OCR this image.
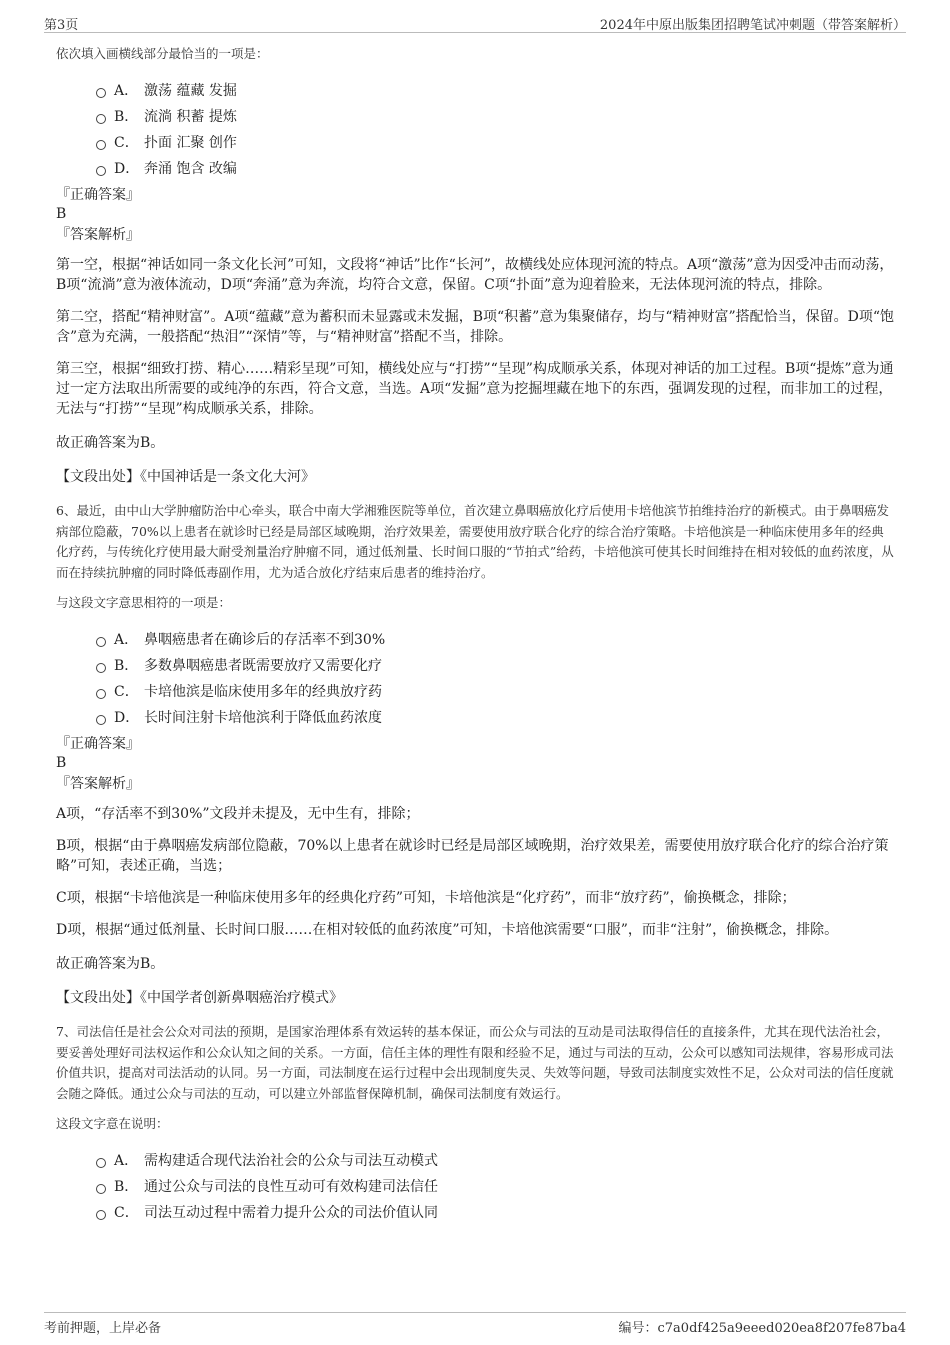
第3页	2024年中原出版集团招聘笔试冲刺题（带答案解析）

依次填入画横线部分最恰当的一项是：

A． 激荡 蕴藏 发掘
B． 流淌 积蓄 提炼
C． 扑面 汇聚 创作
D． 奔涌 饱含 改编

『正确答案』

B

『答案解析』

第一空，根据“神话如同一条文化长河”可知，文段将“神话”比作“长河”，故横线处应体现河流的特点。A项“激荡”意为因受冲击而动荡，B项“流淌”意为液体流动，D项“奔涌”意为奔流，均符合文意，保留。C项“扑面”意为迎着脸来，无法体现河流的特点，排除。

第二空，搭配“精神财富”。A项“蕴藏”意为蓄积而未显露或未发掘，B项“积蓄”意为集聚储存，均与“精神财富”搭配恰当，保留。D项“饱含”意为充满，一般搭配“热泪”“深情”等，与“精神财富”搭配不当，排除。

第三空，根据“细致打捞、精心……精彩呈现”可知，横线处应与“打捞”“呈现”构成顺承关系，体现对神话的加工过程。B项“提炼”意为通过一定方法取出所需要的或纯净的东西，符合文意，当选。A项“发掘”意为挖掘埋藏在地下的东西，强调发现的过程，而非加工的过程，无法与“打捞”“呈现”构成顺承关系，排除。

故正确答案为B。

【文段出处】《中国神话是一条文化大河》

6、最近，由中山大学肿瘤防治中心牵头，联合中南大学湘雅医院等单位，首次建立鼻咽癌放化疗后使用卡培他滨节拍维持治疗的新模式。由于鼻咽癌发病部位隐蔽，70%以上患者在就诊时已经是局部区域晚期，治疗效果差，需要使用放疗联合化疗的综合治疗策略。卡培他滨是一种临床使用多年的经典化疗药，与传统化疗使用最大耐受剂量治疗肿瘤不同，通过低剂量、长时间口服的“节拍式”给药，卡培他滨可使其长时间维持在相对较低的血药浓度，从而在持续抗肿瘤的同时降低毒副作用，尤为适合放化疗结束后患者的维持治疗。

与这段文字意思相符的一项是：

A． 鼻咽癌患者在确诊后的存活率不到30%
B． 多数鼻咽癌患者既需要放疗又需要化疗
C． 卡培他滨是临床使用多年的经典放疗药
D． 长时间注射卡培他滨利于降低血药浓度

『正确答案』

B

『答案解析』

A项，“存活率不到30%”文段并未提及，无中生有，排除；

B项，根据“由于鼻咽癌发病部位隐蔽，70%以上患者在就诊时已经是局部区域晚期，治疗效果差，需要使用放疗联合化疗的综合治疗策略”可知，表述正确，当选；

C项，根据“卡培他滨是一种临床使用多年的经典化疗药”可知，卡培他滨是“化疗药”，而非“放疗药”，偷换概念，排除；

D项，根据“通过低剂量、长时间口服……在相对较低的血药浓度”可知，卡培他滨需要“口服”，而非“注射”，偷换概念，排除。

故正确答案为B。

【文段出处】《中国学者创新鼻咽癌治疗模式》

7、司法信任是社会公众对司法的预期，是国家治理体系有效运转的基本保证，而公众与司法的互动是司法取得信任的直接条件，尤其在现代法治社会，要妥善处理好司法权运作和公众认知之间的关系。一方面，信任主体的理性有限和经验不足，通过与司法的互动，公众可以感知司法规律，容易形成司法价值共识，提高对司法活动的认同。另一方面，司法制度在运行过程中会出现制度失灵、失效等问题，导致司法制度实效性不足，公众对司法的信任度就会随之降低。通过公众与司法的互动，可以建立外部监督保障机制，确保司法制度有效运行。

这段文字意在说明：

A． 需构建适合现代法治社会的公众与司法互动模式
B． 通过公众与司法的良性互动可有效构建司法信任
C． 司法互动过程中需着力提升公众的司法价值认同
考前押题，上岸必备	编号：c7a0df425a9eeed020ea8f207fe87ba4
